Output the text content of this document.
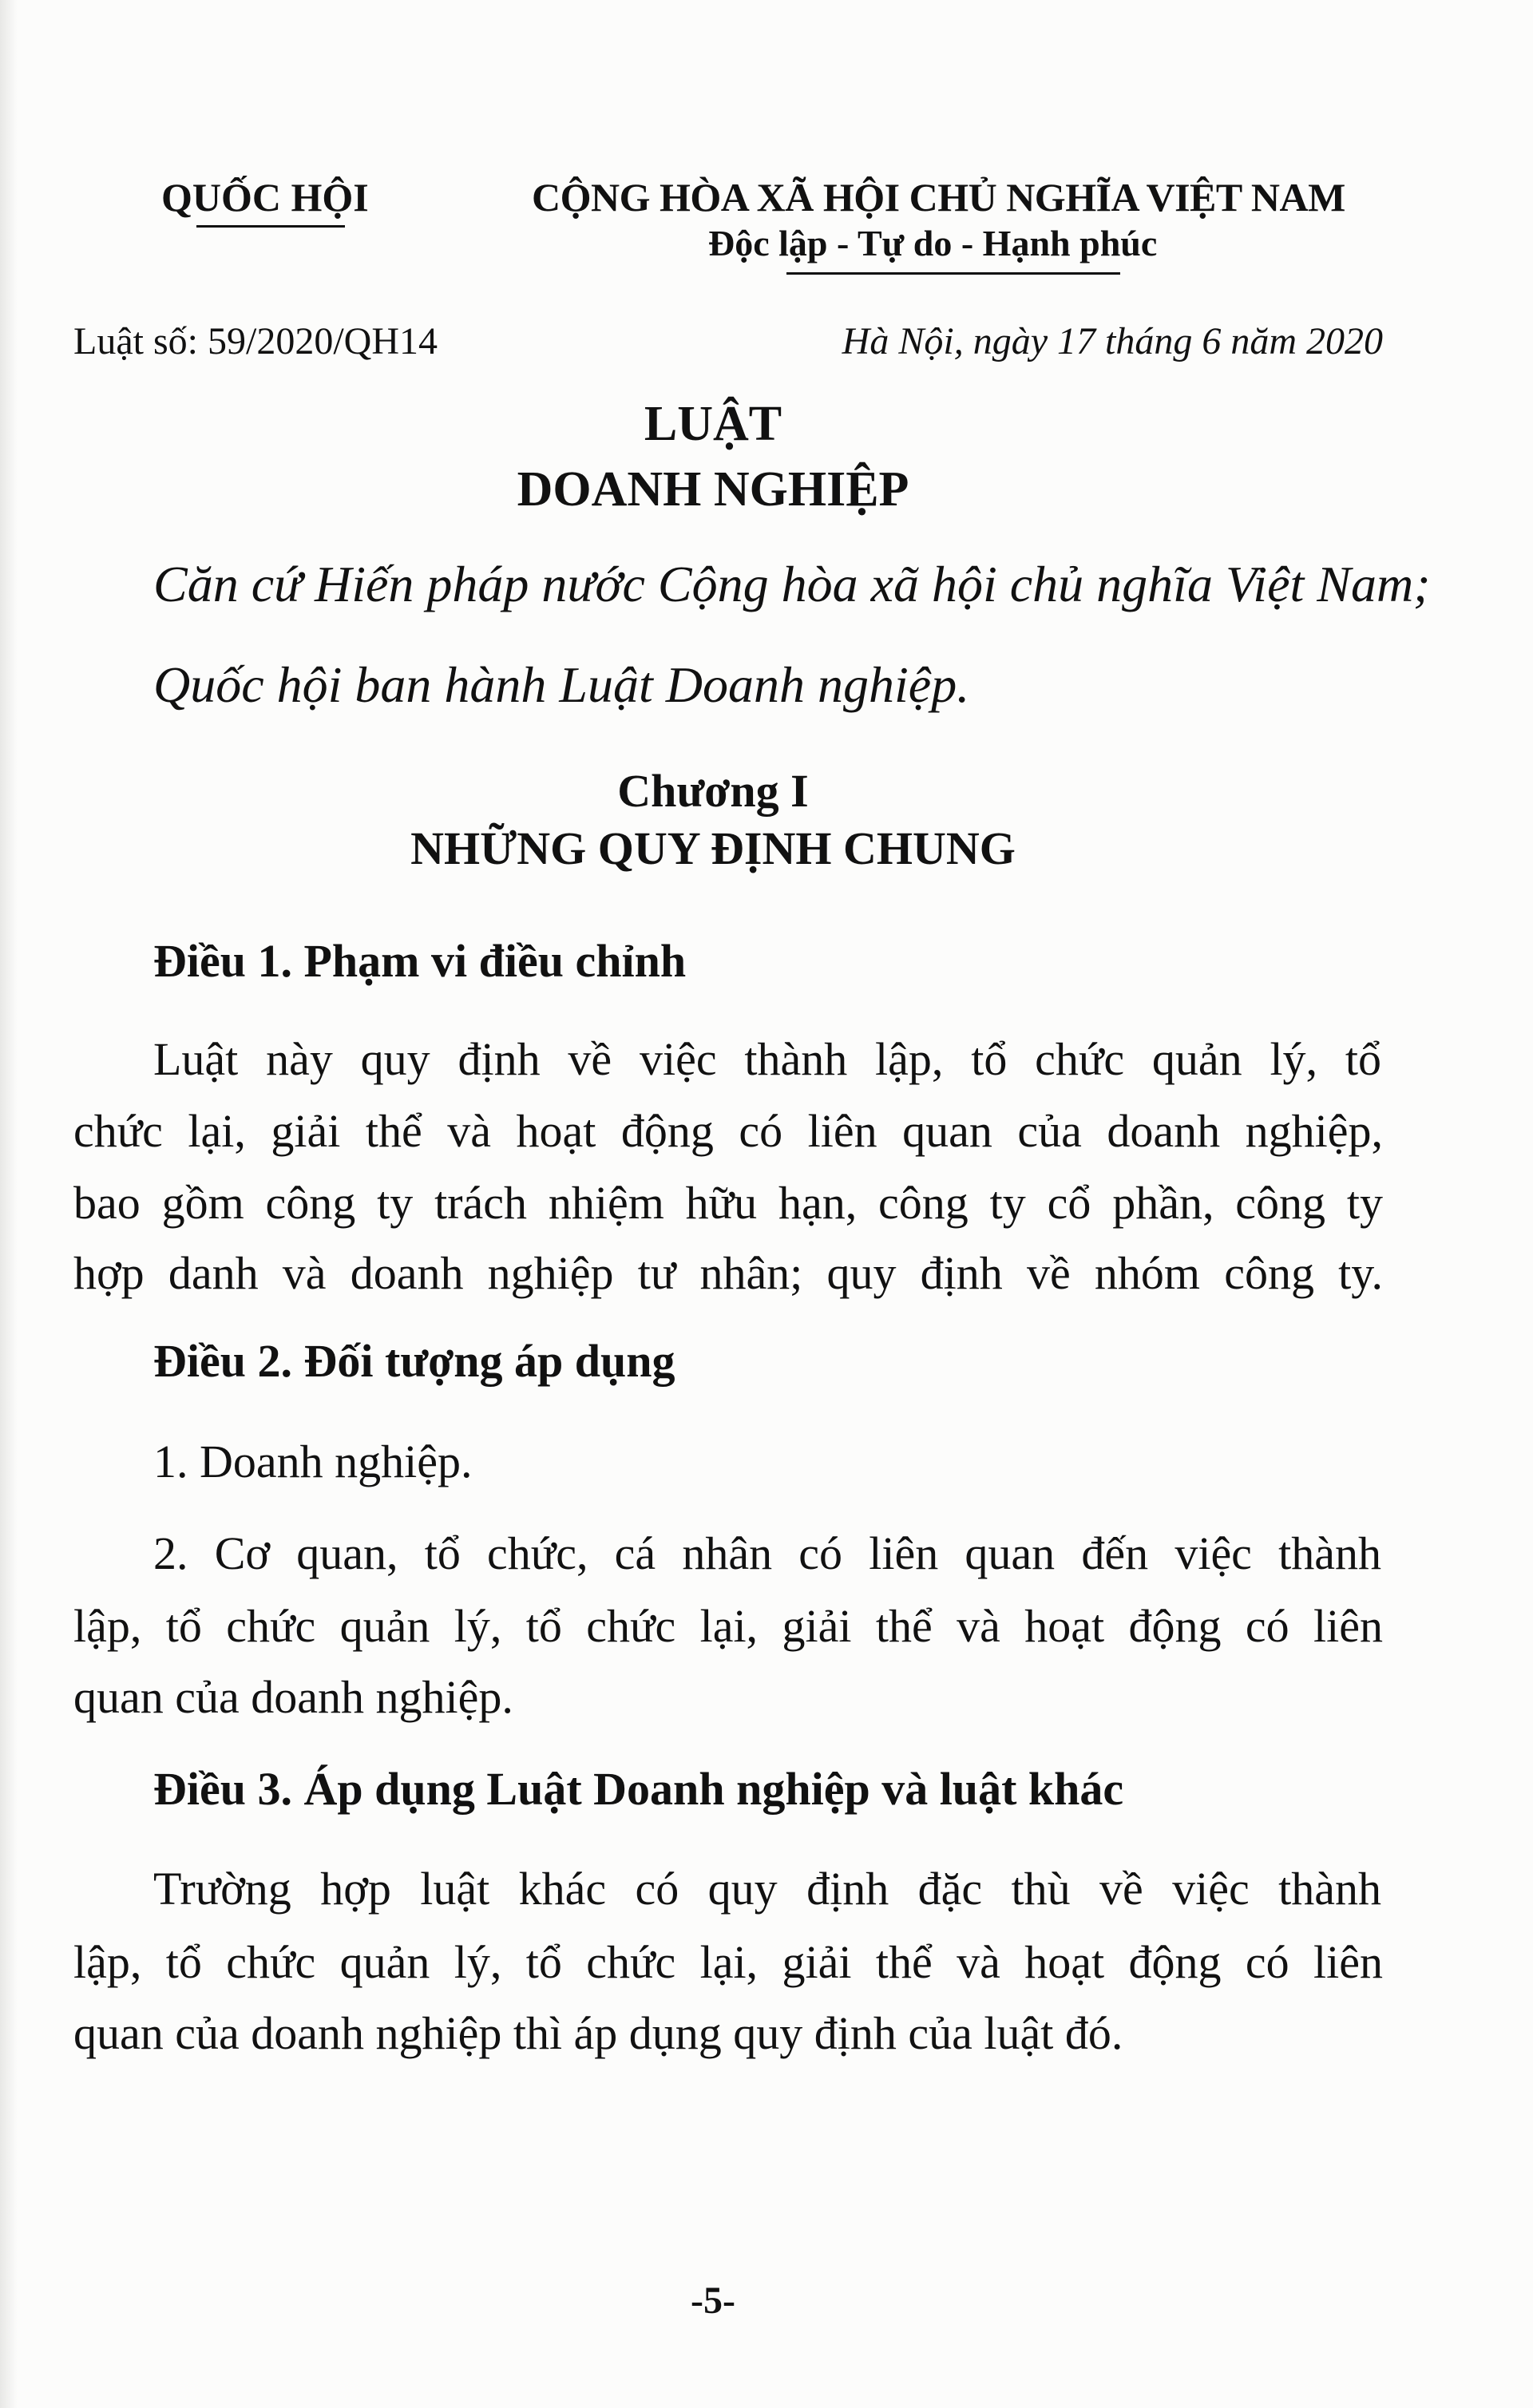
QUỐC HỘI	CỘNG HÒA XÃ HỘI CHỦ NGHĨA VIỆT NAM
Độc lập - Tự do - Hạnh phúc
Luật số: 59/2020/QH14	Hà Nội, ngày 17 tháng 6 năm 2020
LUẬT
DOANH NGHIỆP
Căn cứ Hiến pháp nước Cộng hòa xã hội chủ nghĩa Việt Nam;
Quốc hội ban hành Luật Doanh nghiệp.
Chương I
NHỮNG QUY ĐỊNH CHUNG
Điều 1. Phạm vi điều chỉnh
Luật này quy định về việc thành lập, tổ chức quản lý, tổ
chức lại, giải thể và hoạt động có liên quan của doanh nghiệp,
bao gồm công ty trách nhiệm hữu hạn, công ty cổ phần, công ty
hợp danh và doanh nghiệp tư nhân; quy định về nhóm công ty.
Điều 2. Đối tượng áp dụng
1. Doanh nghiệp.
2. Cơ quan, tổ chức, cá nhân có liên quan đến việc thành
lập, tổ chức quản lý, tổ chức lại, giải thể và hoạt động có liên
quan của doanh nghiệp.
Điều 3. Áp dụng Luật Doanh nghiệp và luật khác
Trường hợp luật khác có quy định đặc thù về việc thành
lập, tổ chức quản lý, tổ chức lại, giải thể và hoạt động có liên
quan của doanh nghiệp thì áp dụng quy định của luật đó.
-5-
